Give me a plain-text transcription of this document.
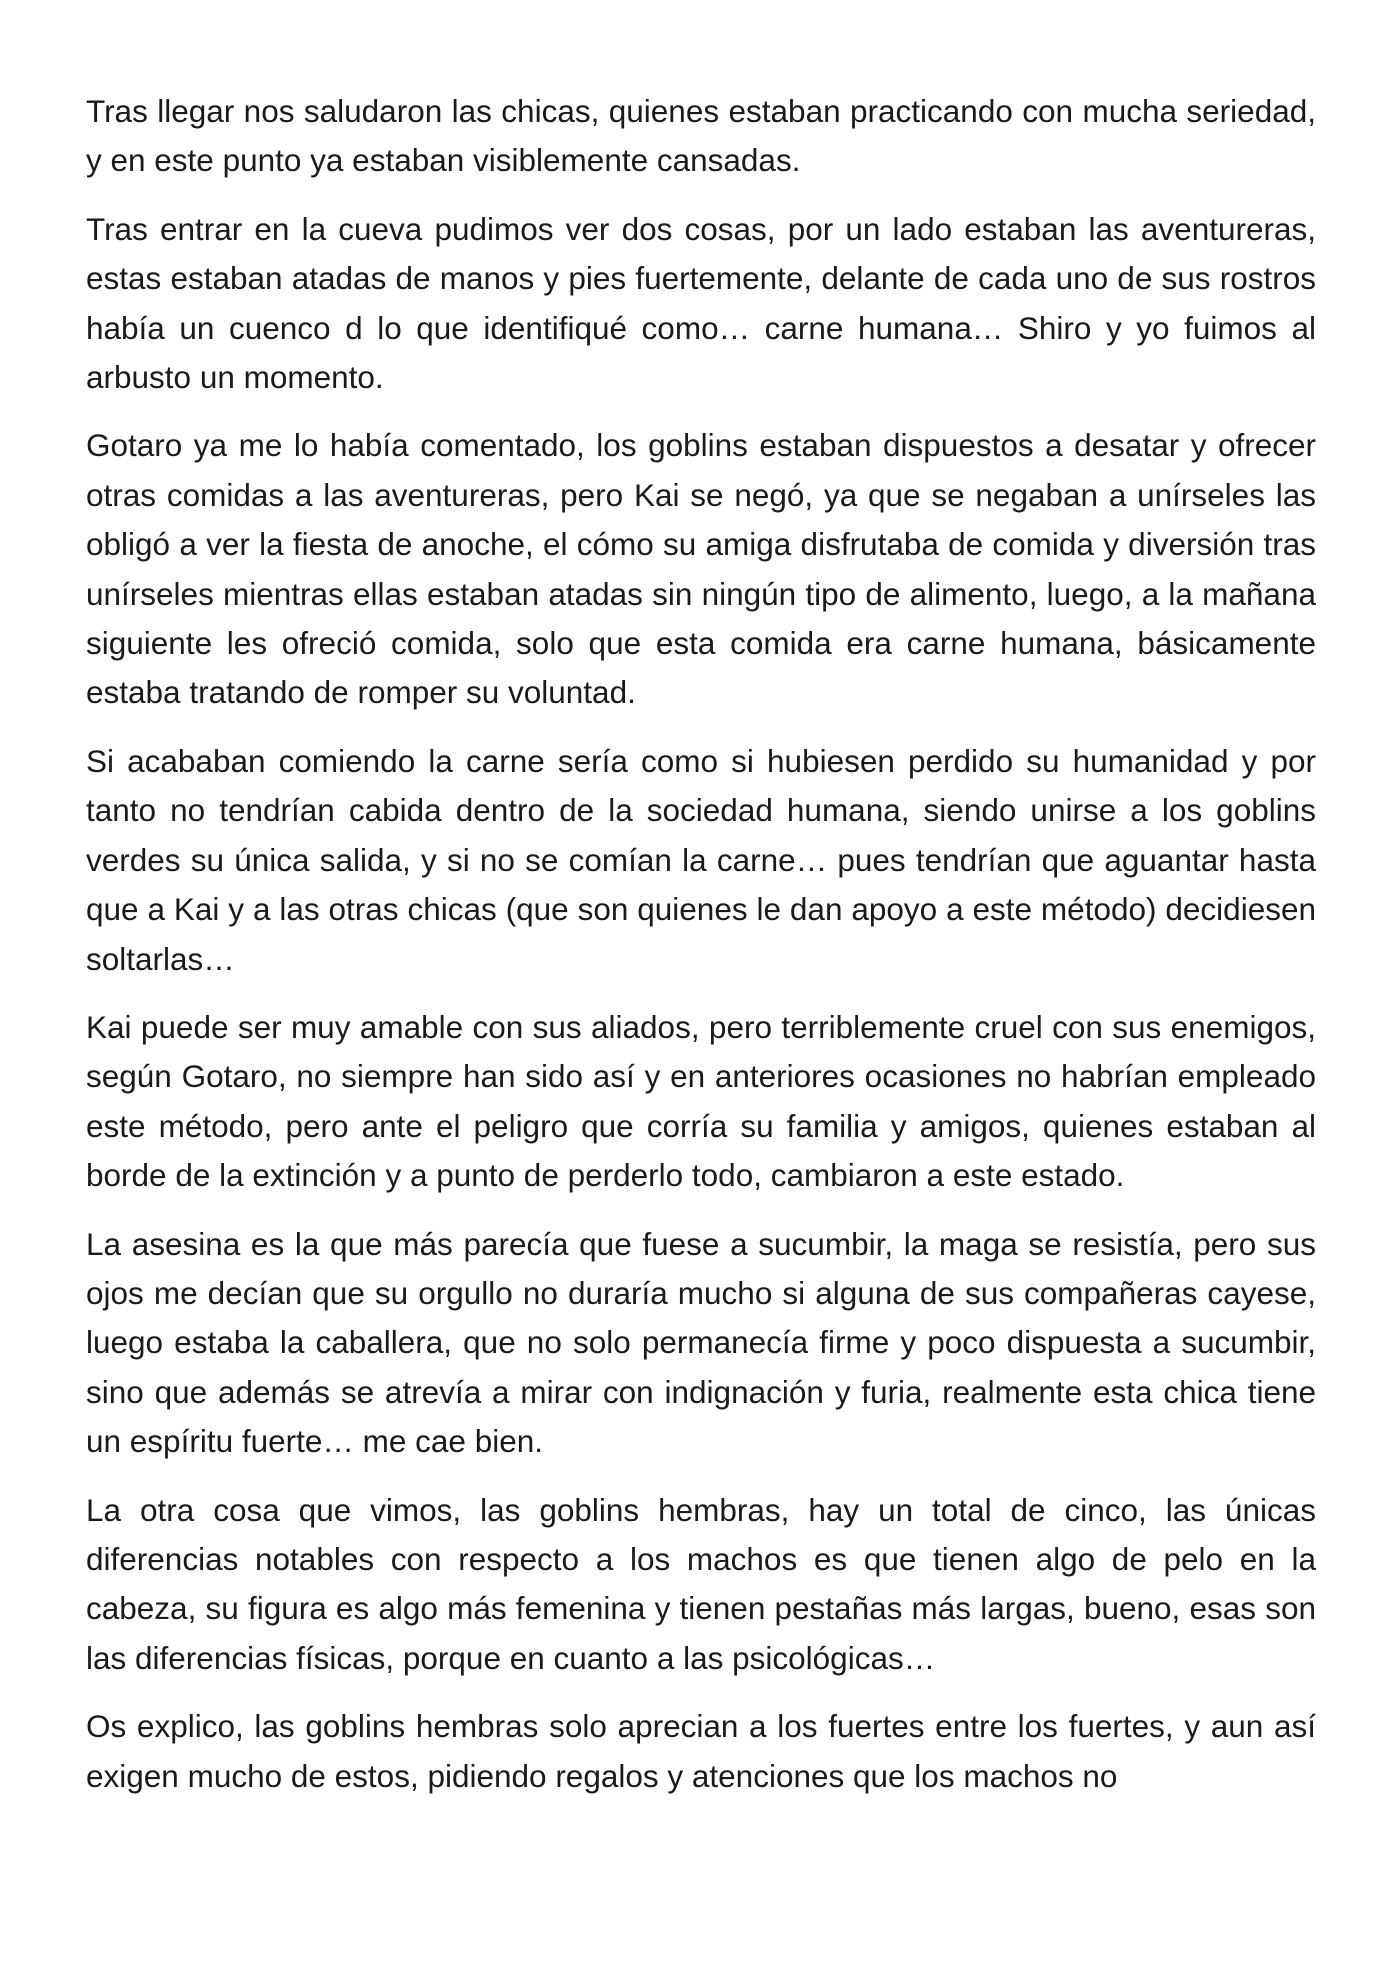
Tras llegar nos saludaron las chicas, quienes estaban practicando con mucha seriedad, y en este punto ya estaban visiblemente cansadas.

Tras entrar en la cueva pudimos ver dos cosas, por un lado estaban las aventureras, estas estaban atadas de manos y pies fuertemente, delante de cada uno de sus rostros había un cuenco d lo que identifiqué como… carne humana… Shiro y yo fuimos al arbusto un momento.

Gotaro ya me lo había comentado, los goblins estaban dispuestos a desatar y ofrecer otras comidas a las aventureras, pero Kai se negó, ya que se negaban a unírseles las obligó a ver la fiesta de anoche, el cómo su amiga disfrutaba de comida y diversión tras unírseles mientras ellas estaban atadas sin ningún tipo de alimento, luego, a la mañana siguiente les ofreció comida, solo que esta comida era carne humana, básicamente estaba tratando de romper su voluntad.

Si acababan comiendo la carne sería como si hubiesen perdido su humanidad y por tanto no tendrían cabida dentro de la sociedad humana, siendo unirse a los goblins verdes su única salida, y si no se comían la carne… pues tendrían que aguantar hasta que a Kai y a las otras chicas (que son quienes le dan apoyo a este método) decidiesen soltarlas…

Kai puede ser muy amable con sus aliados, pero terriblemente cruel con sus enemigos, según Gotaro, no siempre han sido así y en anteriores ocasiones no habrían empleado este método, pero ante el peligro que corría su familia y amigos, quienes estaban al borde de la extinción y a punto de perderlo todo, cambiaron a este estado.

La asesina es la que más parecía que fuese a sucumbir, la maga se resistía, pero sus ojos me decían que su orgullo no duraría mucho si alguna de sus compañeras cayese, luego estaba la caballera, que no solo permanecía firme y poco dispuesta a sucumbir, sino que además se atrevía a mirar con indignación y furia, realmente esta chica tiene un espíritu fuerte… me cae bien.

La otra cosa que vimos, las goblins hembras, hay un total de cinco, las únicas diferencias notables con respecto a los machos es que tienen algo de pelo en la cabeza, su figura es algo más femenina y tienen pestañas más largas, bueno, esas son las diferencias físicas, porque en cuanto a las psicológicas…

Os explico, las goblins hembras solo aprecian a los fuertes entre los fuertes, y aun así exigen mucho de estos, pidiendo regalos y atenciones que los machos no
